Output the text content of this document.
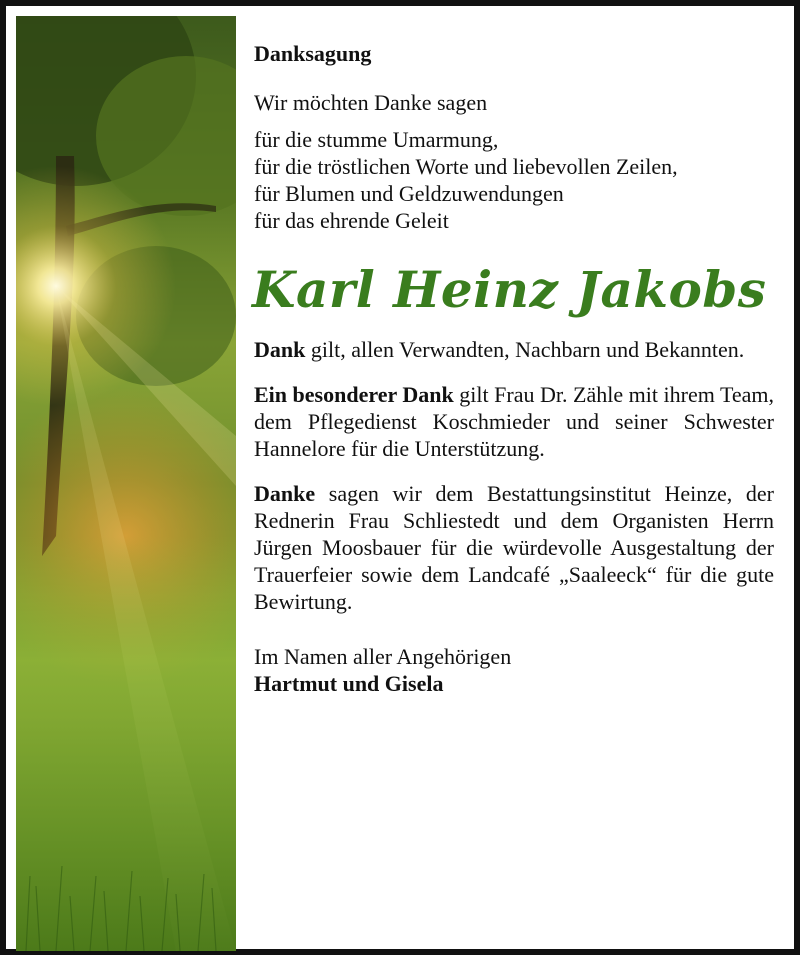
Danksagung

Wir möchten Danke sagen

für die stumme Umarmung,
für die tröstlichen Worte und liebevollen Zeilen,
für Blumen und Geldzuwendungen
für das ehrende Geleit
Karl Heinz Jakobs

Dank gilt, allen Verwandten, Nachbarn und Bekannten.

Ein besonderer Dank gilt Frau Dr. Zähle mit ihrem Team, dem Pflegedienst Koschmieder und seiner Schwester Hannelore für die Unterstützung.

Danke sagen wir dem Bestattungsinstitut Heinze, der Rednerin Frau Schliestedt und dem Organisten Herrn Jürgen Moosbauer für die würdevolle Ausgestaltung der Trauerfeier sowie dem Landcafé „Saaleeck“ für die gute Bewirtung.

Im Namen aller Angehörigen
Hartmut und Gisela
